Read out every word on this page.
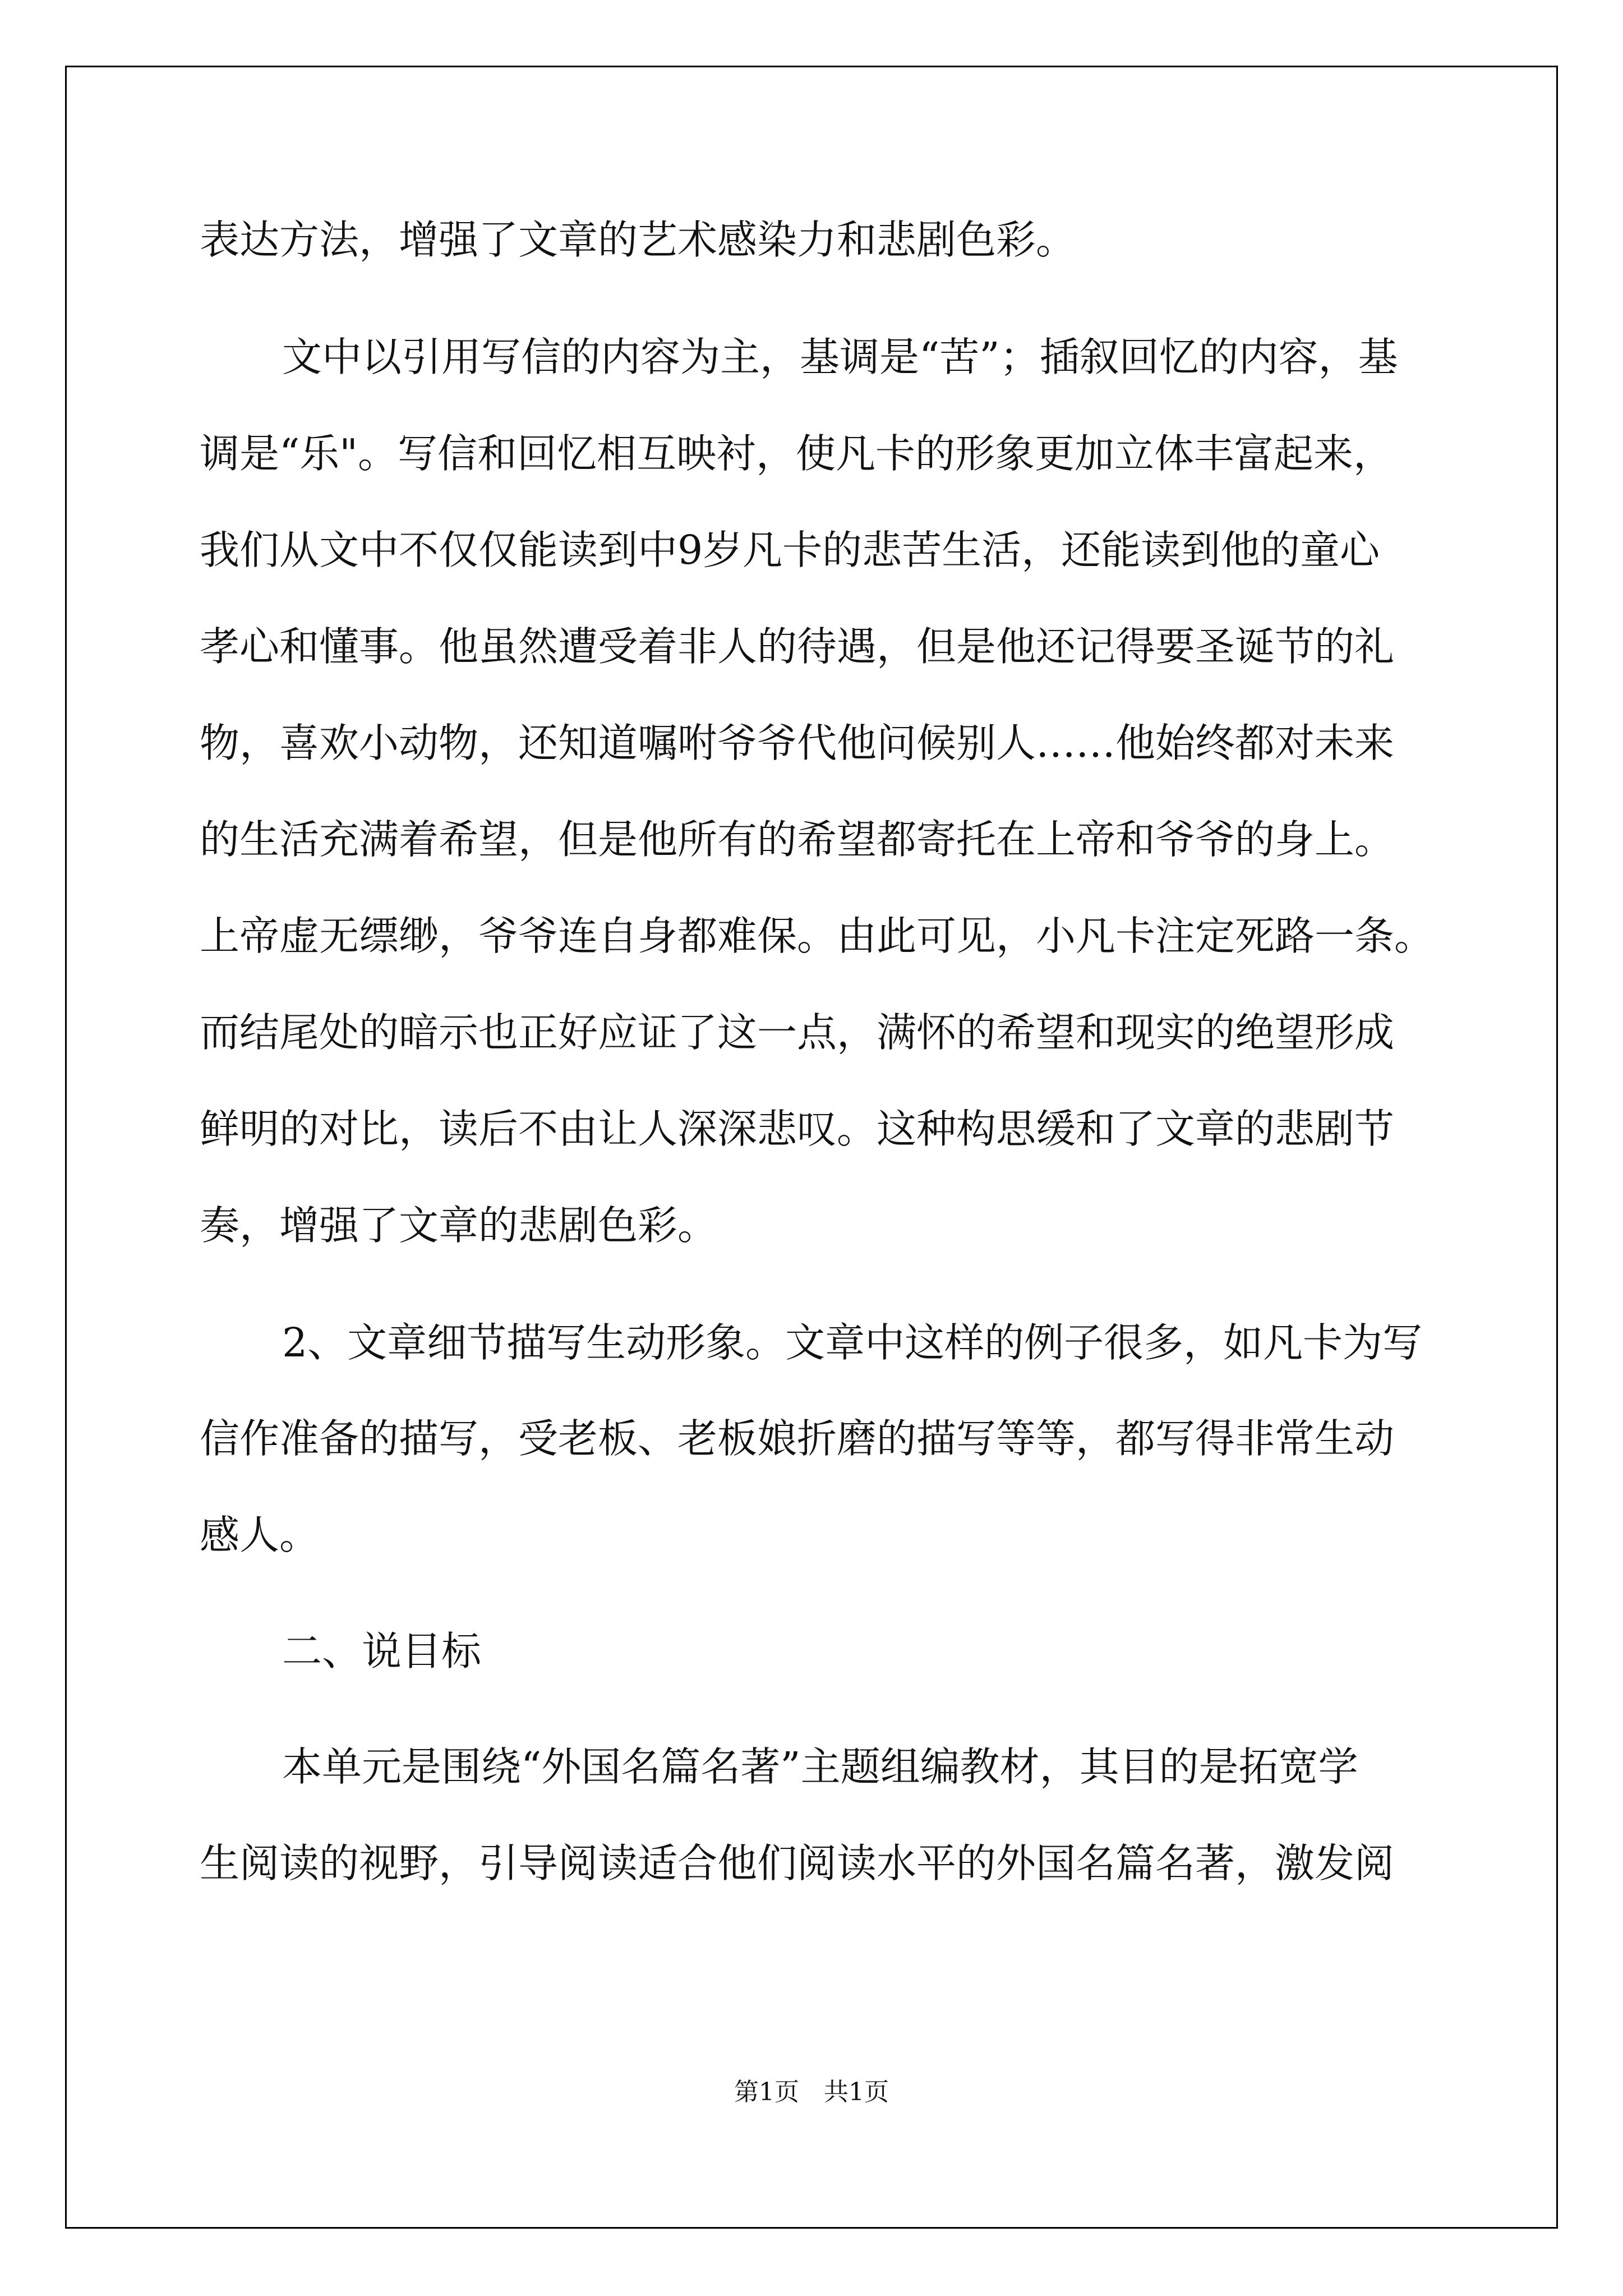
表达方法，增强了文章的艺术感染力和悲剧色彩。

文中以引用写信的内容为主，基调是“苦”；插叙回忆的内容，基

调是“乐"。写信和回忆相互映衬，使凡卡的形象更加立体丰富起来，

我们从文中不仅仅能读到中9岁凡卡的悲苦生活，还能读到他的童心

孝心和懂事。他虽然遭受着非人的待遇，但是他还记得要圣诞节的礼

物，喜欢小动物，还知道嘱咐爷爷代他问候别人……他始终都对未来

的生活充满着希望，但是他所有的希望都寄托在上帝和爷爷的身上。

上帝虚无缥缈，爷爷连自身都难保。由此可见，小凡卡注定死路一条。

而结尾处的暗示也正好应证了这一点，满怀的希望和现实的绝望形成

鲜明的对比，读后不由让人深深悲叹。这种构思缓和了文章的悲剧节

奏，增强了文章的悲剧色彩。

2、文章细节描写生动形象。文章中这样的例子很多，如凡卡为写

信作准备的描写，受老板、老板娘折磨的描写等等，都写得非常生动

感人。

二、说目标

本单元是围绕“外国名篇名著”主题组编教材，其目的是拓宽学

生阅读的视野，引导阅读适合他们阅读水平的外国名篇名著，激发阅

第1页　共1页
